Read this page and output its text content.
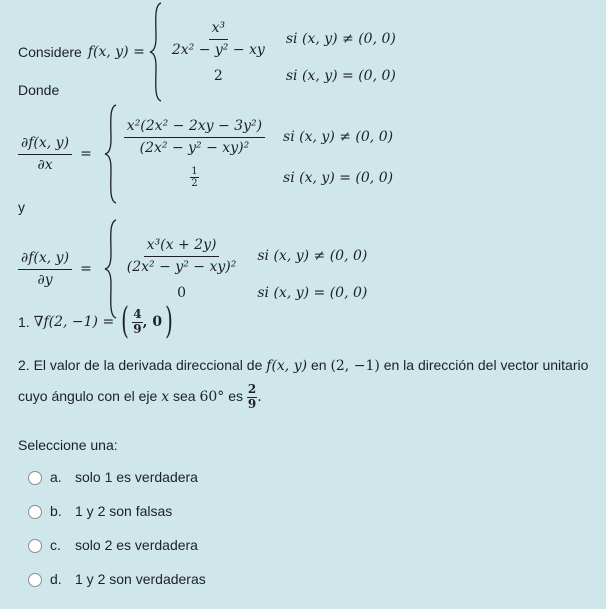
Considere f(x, $y) = \frac{\text{x³}}{\text{2x² − y² − xy}}$ si (x, y) ≠ (0, 0)
2	si (x, y) = (0, 0)
Donde
$\frac{\partial f(x, y)}{\partial x} = \frac{\text{x²(2x² − 2xy − 3y²)}}{\text{(2x² − y² − xy)²}}$ si (x, y) ≠ (0, 0)
$\frac{1}{2}$	si (x, y) = (0, 0)
y
$\frac{\partial f(x, y)}{\partial y} = \frac{\text{x³(x + 2y)}}{\text{(2x² − y² − xy)²}}$ si (x, y) ≠ (0, 0)
0	si (x, y) = (0, 0)
1. ∇f(2, −1) = ( $\frac{4}{9}$ , 0 )
2. El valor de la derivada direccional de f(x, y) en (2, −1) en la dirección del vector unitario cuyo ángulo con el eje x sea 60° es $\frac{2}{9}$ .
Seleccione una:
a. solo 1 es verdadera
b. 1 y 2 son falsas
c. solo 2 es verdadera
d. 1 y 2 son verdaderas
